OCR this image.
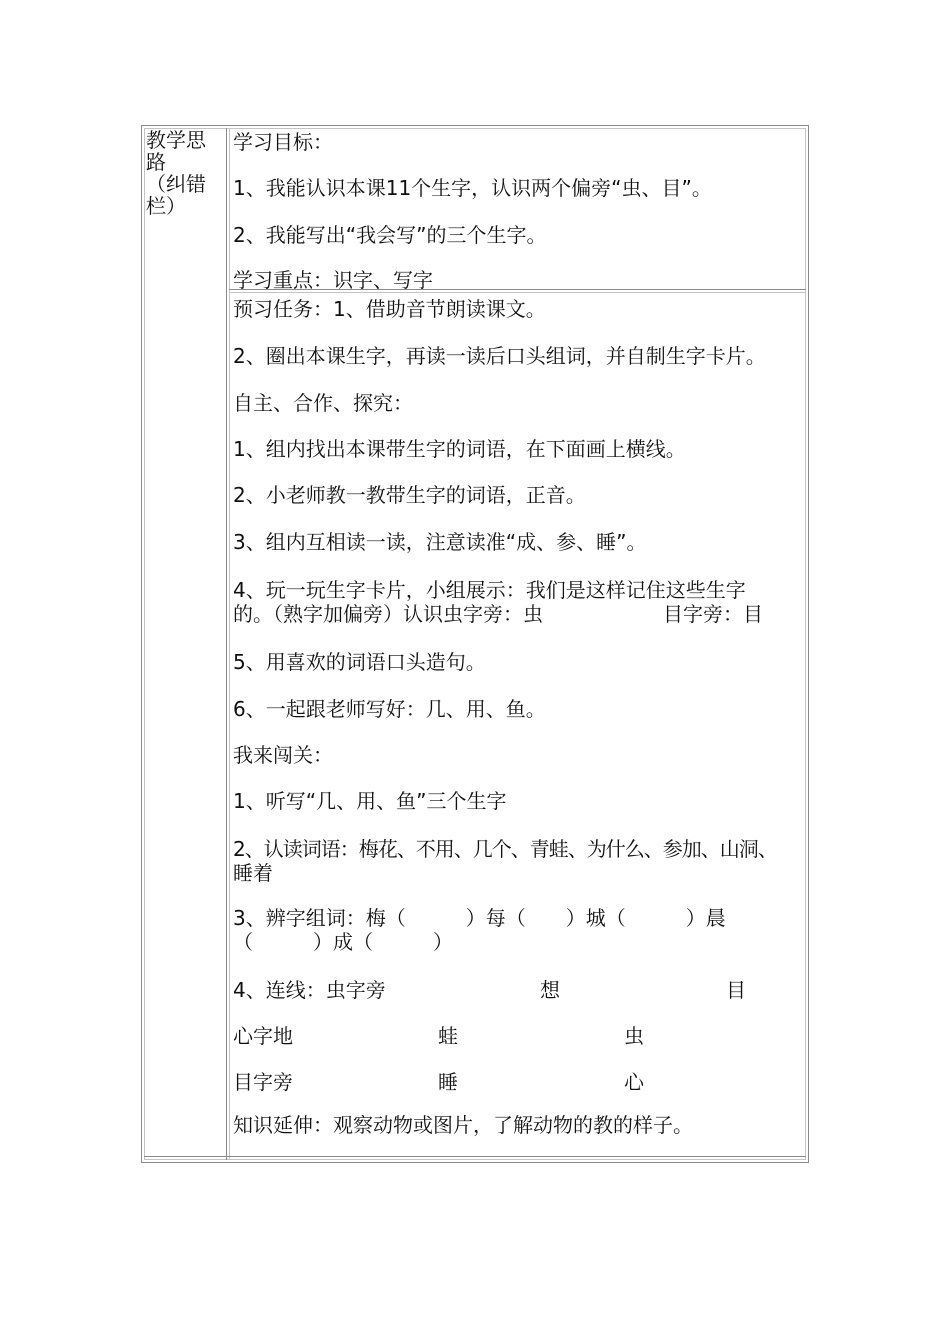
教学思
路
（纠错
栏）
学习目标：
1、我能认识本课11个生字，认识两个偏旁“虫、目”。
2、我能写出“我会写”的三个生字。
学习重点：识字、写字
预习任务：1、借助音节朗读课文。
2、圈出本课生字，再读一读后口头组词，并自制生字卡片。
自主、合作、探究：
1、组内找出本课带生字的词语，在下面画上横线。
2、小老师教一教带生字的词语，正音。
3、组内互相读一读，注意读准“成、参、睡”。
4、玩一玩生字卡片，小组展示：我们是这样记住这些生字
的。（熟字加偏旁）认识虫字旁：虫	目字旁：目
5、用喜欢的词语口头造句。
6、一起跟老师写好：几、用、鱼。
我来闯关：
1、听写“几、用、鱼”三个生字
2、认读词语：梅花、不用、几个、青蛙、为什么、参加、山洞、
睡着
3、辨字组词：梅（　　　）每（　　）城（　　　）晨
（　　　）成（　　　）
4、连线：虫字旁	想	目
心字地	蛙	虫
目字旁	睡	心
知识延伸：观察动物或图片，了解动物的教的样子。
